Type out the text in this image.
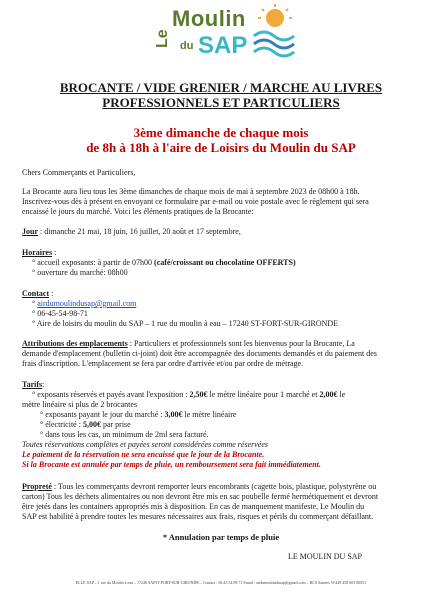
Le
Moulin
du SAP
BROCANTE / VIDE GRENIER / MARCHE AU LIVRES
PROFESSIONNELS ET PARTICULIERS
3ème dimanche de chaque mois
de 8h à 18h à l'aire de Loisirs du Moulin du SAP
Chers Commerçants et Particuliers,
La Brocante aura lieu tous les 3ème dimanches de chaque mois de mai à septembre 2023 de 08h00 à 18h.
Inscrivez-vous dès à présent en envoyant ce formulaire par e-mail ou voie postale avec le règlement qui sera
encaissé le jours du marché. Voici les éléments pratiques de la Brocante:
Jour : dimanche 21 mai, 18 juin, 16 juillet, 20 août et 17 septembre,
Horaires :
° accueil exposants: à partir de 07h00 (café/croissant ou chocolatine OFFERTS)
° ouverture du marché: 08h00
Contact :
° airdumoulindusap@gmail.com
° 06-45-54-98-71
° Aire de loisirs du moulin du SAP – 1 rue du moulin à eau – 17240 ST-FORT-SUR-GIRONDE
Attributions des emplacements : Particuliers et professionnels sont les bienvenus pour la Brocante, La
demande d'emplacement (bulletin ci-joint) doit être accompagnée des documents demandés et du paiement des
frais d'inscription. L'emplacement se fera par ordre d'arrivée et/ou par ordre de métrage.
Tarifs:
° exposants réservés et payés avant l'exposition : 2,50€ le mètre linéaire pour 1 marché et 2,00€ le
mètre linéaire si plus de 2 brocantes
° exposants payant le jour du marché : 3,00€ le mètre linéaire
° électricité : 5,00€ par prise
° dans tous les cas, un minimum de 2ml sera facturé.
Toutes réservations complètes et payées seront considérées comme réservées
Le paiement de la réservation ne sera encaissé que le jour de la Brocante.
Si la Brocante est annulée par temps de pluie, un remboursement sera fait immédiatement.
Propreté : Tous les commerçants devront remporter leurs encombrants (cagette bois, plastique, polystyrène ou
carton) Tous les déchets alimentaires ou non devront être mis en sac poubelle fermé hermétiquement et devront
être jetés dans les containers appropriés mis à disposition. En cas de manquement manifeste, Le Moulin du
SAP est habilité à prendre toutes les mesures nécessaires aux frais, risques et périls du commerçant défaillant.
* Annulation par temps de pluie
LE MOULIN DU SAP
ELLE SAP – 1 rue du Moulin à eau – 17240 SAINT-FORT-SUR-GIRONDE – Contact : 06.45.54.98.71 Email : airdumoulindusap@gmail.com – RCS Saintes N°449 458 603 00031
